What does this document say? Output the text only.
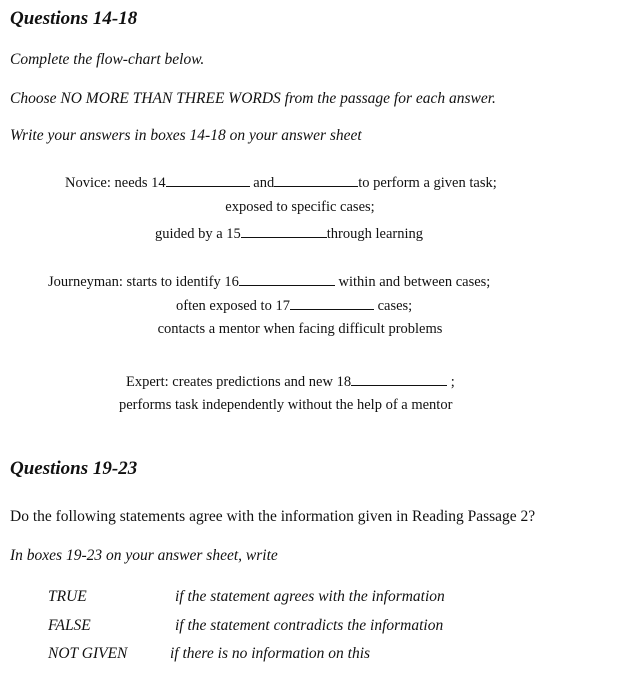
Questions 14-18
Complete the flow-chart below.
Choose NO MORE THAN THREE WORDS from the passage for each answer.
Write your answers in boxes 14-18 on your answer sheet
Novice: needs 14	and	to perform a given task;
exposed to specific cases;
guided by a 15	through learning
Journeyman: starts to identify 16	within and between cases;
often exposed to 17	cases;
contacts a mentor when facing difficult problems
Expert: creates predictions and new 18	;
performs task independently without the help of a mentor
Questions 19-23
Do the following statements agree with the information given in Reading Passage 2?
In boxes 19-23 on your answer sheet, write
TRUE	if the statement agrees with the information
FALSE	if the statement contradicts the information
NOT GIVEN	if there is no information on this
